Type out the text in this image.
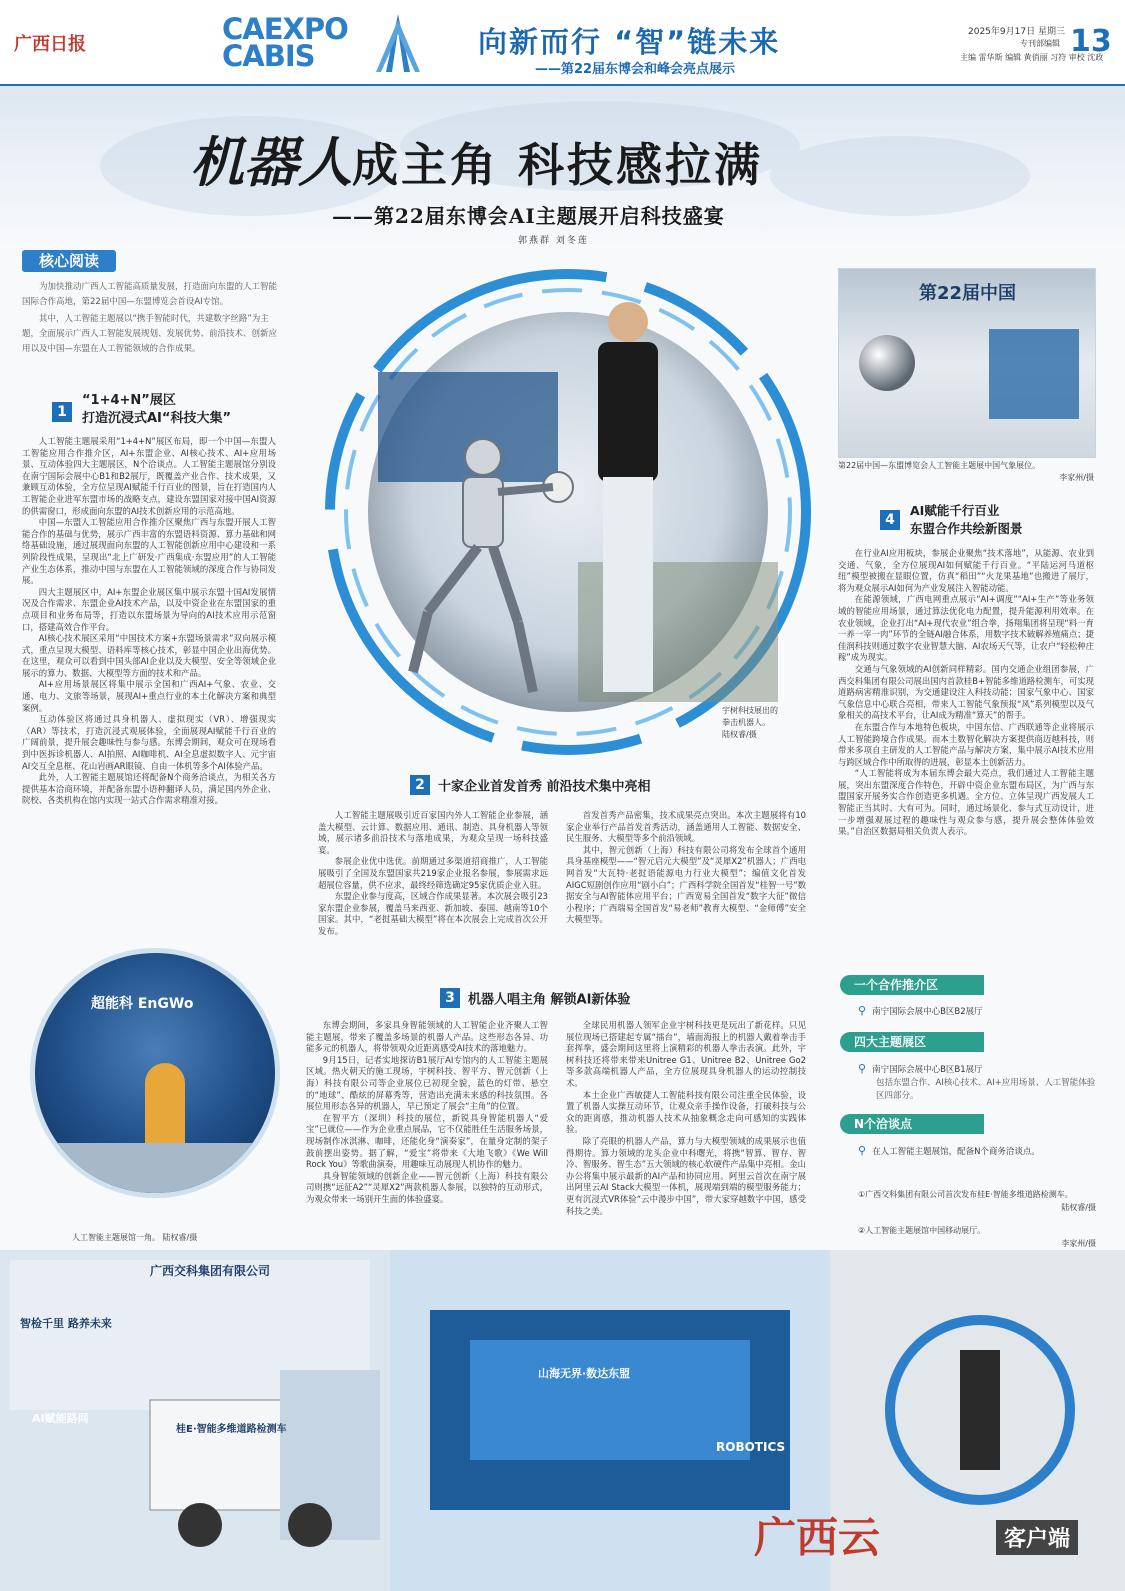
广西日报	CAEXPO
CABIS	向新而行 “智”链未来
——第22届东博会和峰会亮点展示
2025年9月17日 星期三
专刊部编辑 13
主编 雷华斯 编辑 黄俏丽 习符 审校 沈政
机器人成主角 科技感拉满
——第22届东博会AI主题展开启科技盛宴
郭燕群 刘冬莲
核心阅读

为加快推动广西人工智能高质量发展，打造面向东盟的人工智能国际合作高地，第22届中国—东盟博览会首设AI专馆。

其中，人工智能主题展以“携手智能时代，共建数字丝路”为主题，全面展示广西人工智能发展规划、发展优势、前沿技术、创新应用以及中国—东盟在人工智能领域的合作成果。

1
“1+4+N”展区
打造沉浸式AI“科技大集”

人工智能主题展采用“1+4+N”展区布局，即一个中国—东盟人工智能应用合作推介区，AI+东盟企业、AI核心技术、AI+应用场景、互动体验四大主题展区，N个洽谈点。人工智能主题展馆分别设在南宁国际会展中心B1和B2展厅，既覆盖产业合作、技术成果，又兼顾互动体验，全方位呈现AI赋能千行百业的图景，旨在打造国内人工智能企业进军东盟市场的战略支点，建设东盟国家对接中国AI资源的供需窗口，形成面向东盟的AI技术创新应用的示范高地。

中国—东盟人工智能应用合作推介区聚焦广西与东盟开展人工智能合作的基础与优势，展示广西丰富的东盟语料资源、算力基础和网络基础设施，通过展现面向东盟的人工智能创新应用中心建设和一系列阶段性成果，呈现出“北上广研发·广西集成·东盟应用”的人工智能产业生态体系，推动中国与东盟在人工智能领域的深度合作与协同发展。

四大主题展区中，AI+东盟企业展区集中展示东盟十国AI发展情况及合作需求、东盟企业AI技术产品，以及中资企业在东盟国家的重点项目和业务布局等，打造以东盟场景为导向的AI技术应用示范窗口，搭建高效合作平台。

AI核心技术展区采用“中国技术方案+东盟场景需求”双向展示模式，重点呈现大模型、语料库等核心技术，彰显中国企业出海优势。在这里，观众可以看到中国头部AI企业以及大模型、安全等领域企业展示的算力、数据、大模型等方面的技术和产品。

AI+应用场景展区将集中展示全国和广西AI+气象、农业、交通、电力、文旅等场景，展现AI+重点行业的本土化解决方案和典型案例。

互动体验区将通过具身机器人、虚拟现实（VR）、增强现实（AR）等技术，打造沉浸式观展体验，全面展现AI赋能千行百业的广阔前景，提升展会趣味性与参与感。东博会期间，观众可在现场看到中医拆诊机器人、AI拍照、AI咖啡机、AI全息虚拟数字人、元宇宙AI交互全息框、花山岩画AR眼镜、自由一体机等多个AI体验产品。

此外，人工智能主题展馆还将配备N个商务洽谈点，为相关各方提供基本洽商环境，并配备东盟小语种翻译人员，满足国内外企业、院校、各类机构在馆内实现一站式合作需求精准对接。

宇树科技展出的
拳击机器人。
陆权睿/摄
2 十家企业首发首秀 前沿技术集中亮相

人工智能主题展吸引近百家国内外人工智能企业参展，涵盖大模型、云计算、数据应用、通讯、制造、具身机器人等领域，展示诸多前沿技术与落地成果，为观众呈现一场科技盛宴。

参展企业优中选优。前期通过多渠道招商推广，人工智能展吸引了全国及东盟国家共219家企业报名参展，参展需求远超展位容量，供不应求，最终经筛选确定95家优质企业入驻。

东盟企业参与度高，区域合作成果显著。本次展会吸引23家东盟企业参展，覆盖马来西亚、新加坡、泰国、越南等10个国家。其中，“老挝基础大模型”将在本次展会上完成首次公开发布。

首发首秀产品密集，技术成果亮点突出。本次主题展将有10家企业举行产品首发首秀活动，涵盖通用人工智能、数据安全、民生服务、大模型等多个前沿领域。

其中，智元创新（上海）科技有限公司将发布全球首个通用具身基座模型——“智元启元大模型”及“灵犀X2”机器人；广西电网首发“大瓦特·老挝语能源电力行业大模型”；编值文化首发AIGC短剧创作应用“剧小白”；广西科学院全国首发“桂智一号”数据安全与AI智能体应用平台；广西宽易全国首发“数字大征”微信小程序；广西瑞易全国首发“易老师”教育大模型、“金师傅”安全大模型等。

3 机器人唱主角 解锁AI新体验

东博会期间，多家具身智能领域的人工智能企业齐聚人工智能主题展，带来了覆盖多场景的机器人产品。这些形态各异、功能多元的机器人，将带领观众近距离感受AI技术的落地魅力。

9月15日，记者实地探访B1展厅AI专馆内的人工智能主题展区域。热火朝天的施工现场，宇树科技、智平方、智元创新（上海）科技有限公司等企业展位已初现全貌，蓝色的灯带、悬空的“地球”、酷炫的屏幕秀等，营造出充满未来感的科技氛围。各展位用形态各异的机器人，早已预定了展会“主角”的位置。

在智平方（深圳）科技的展位，新锐具身智能机器人“爱宝”已就位——作为企业重点展品，它不仅能胜任生活服务场景，现场制作冰淇淋、咖啡，还能化身“演奏家”，在量身定制的架子鼓前摆出姿势。据了解，“爱宝”将带来《大地飞歌》《We Will Rock You》等歌曲演奏，用趣味互动展现人机协作的魅力。

具身智能领域的创新企业——智元创新（上海）科技有限公司则携“远征A2”“灵犀X2”两款机器人参展，以独特的互动形式，为观众带来一场别开生面的体验盛宴。

全球民用机器人领军企业宇树科技更是玩出了新花样。只见展位现场已搭建起专属“擂台”，墙面海报上的机器人戴着拳击手套挥拳，盛会期间这里将上演精彩的机器人拳击表演。此外，宇树科技还将带来带来Unitree G1、Unitree B2、Unitree Go2等多款高端机器人产品，全方位展现具身机器人的运动控制技术。

本土企业广西敏捷人工智能科技有限公司注重全民体验，设置了机器人实操互动环节，让观众亲手操作设备，打破科技与公众的距离感，推动机器人技术从抽象概念走向可感知的实践体验。

除了亮眼的机器人产品，算力与大模型领域的成果展示也值得期待。算力领域的龙头企业中科曙光，将携“智算、智存、智冷、智服务、智生态”五大领域的核心软硬件产品集中亮相。金山办公将集中展示最新的AI产品和协同应用。阿里云首次在南宁展出阿里云AI Stack大模型一体机，展现端到端的模型服务能力；更有沉浸式VR体验“云中漫步中国”，带大家穿越数字中国，感受科技之美。

第22届中国
第22届中国—东盟博览会人工智能主题展中国气象展位。
李家州/摄
4
AI赋能千行百业
东盟合作共绘新图景

在行业AI应用板块，参展企业聚焦“技术落地”，从能源、农业到交通、气象，全方位展现AI如何赋能千行百业。“平陆运河马道枢纽”模型被搬在显眼位置，仿真“稻田”“火龙果基地”也搬进了展厅，将为观众展示AI如何为产业发展注入智能动能。

在能源领域，广西电网重点展示“AI+调度”“AI+生产”等业务领域的智能应用场景，通过算法优化电力配置，提升能源利用效率。在农业领域，企业打出“AI+现代农业”组合拳，扬翔集团将呈现“料一育一养一宰一肉”环节的全链AI融合体系，用数字技术破解养殖痛点；捷佳润科技则通过数字农业智慧大脑、AI农场天气等，让农户“轻松种庄稼”成为现实。

交通与气象领域的AI创新同样精彩。国内交通企业组团参展，广西交科集团有限公司展出国内首款桂B+智能多维道路检测车，可实现道路病害精准识别，为交通建设注入科技动能；国家气象中心、国家气象信息中心联合亮相，带来人工智能气象预报“风”系列模型以及气象相关的高技术平台，让AI成为精准“算天”的帮手。

在东盟合作与本地特色板块，中国东信、广西联通等企业将展示人工智能跨境合作成果。而本土数智化解决方案提供商迈越科技，则带来多项自主研发的人工智能产品与解决方案，集中展示AI技术应用与跨区域合作中所取得的进展，彰显本土创新活力。

“人工智能将成为本届东博会最大亮点，我们通过人工智能主题展，突出东盟深度合作特色，开辟中资企业东盟布局区，为广西与东盟国家开展务实合作创造更多机遇。全方位、立体呈现广西发展人工智能正当其时、大有可为。同时，通过场景化、参与式互动设计，进一步增强观展过程的趣味性与观众参与感，提升展会整体体验效果。”自治区数据局相关负责人表示。

一个合作推介区
⚲ 南宁国际会展中心B区B2展厅
四大主题展区
⚲ 南宁国际会展中心B区B1展厅
包括东盟合作、AI核心技术、AI+应用场景、人工智能体验区四部分。
N个洽谈点
⚲ 在人工智能主题展馆，配备N个商务洽谈点。

①广西交科集团有限公司首次发布桂E·智能多维道路检测车。
陆权睿/摄

②人工智能主题展馆中国移动展厅。
李家州/摄

超能科 EnGWo
人工智能主题展馆一角。 陆权睿/摄
广西交科集团有限公司
智检千里 路养未来
AI赋能路网
桂E·智能多维道路检测车
山海无界·数达东盟
ROBOTICS
广西云	客户端
